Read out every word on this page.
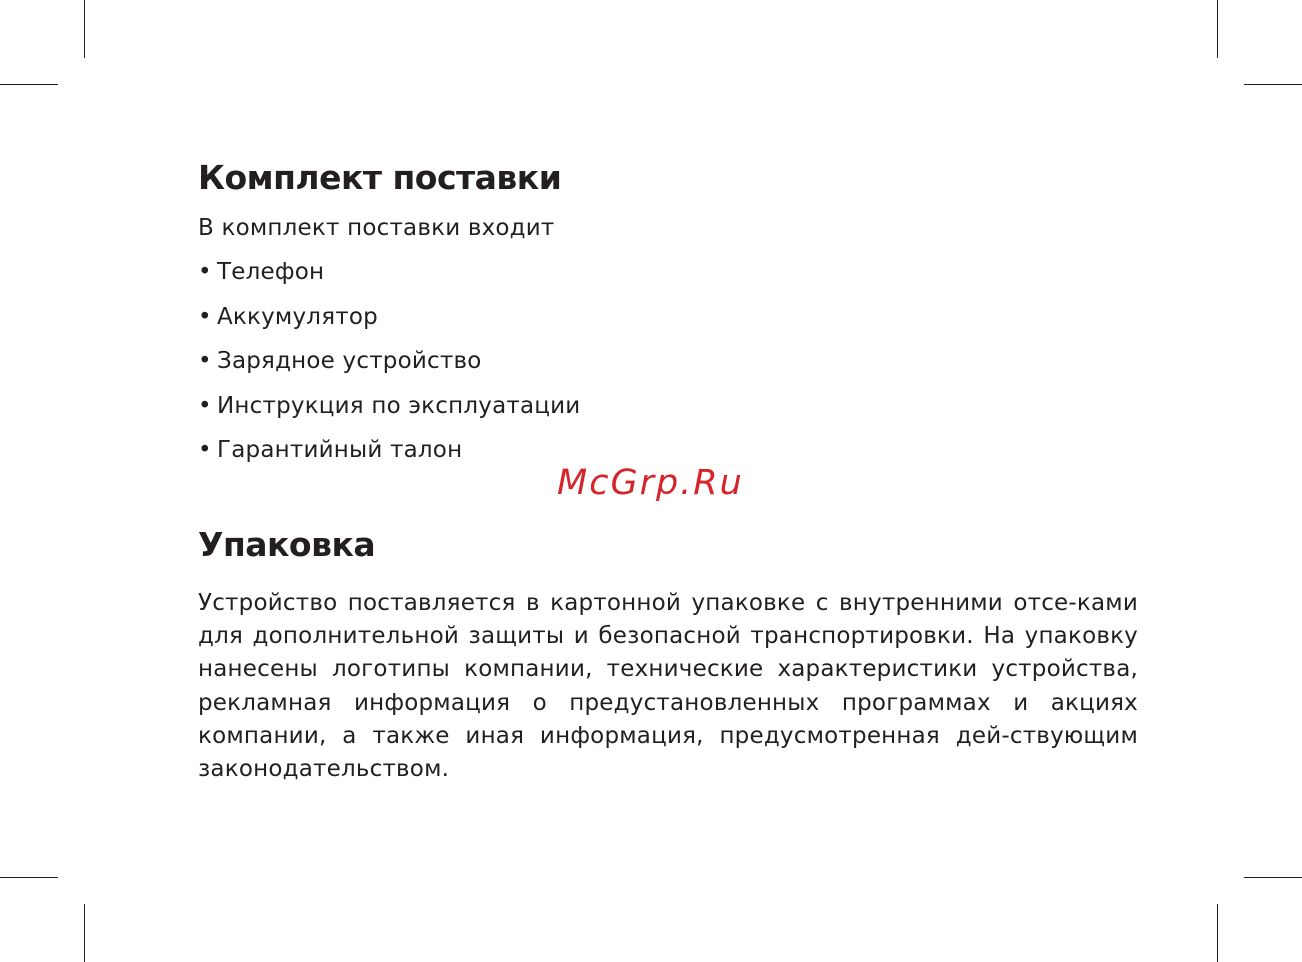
Комплект поставки

В комплект поставки входит

• Телефон
• Аккумулятор
• Зарядное устройство
• Инструкция по эксплуатации
• Гарантийный талон
McGrp.Ru
Упаковка

Устройство поставляется в картонной упаковке с внутренними отсе-ками для дополнительной защиты и безопасной транспортировки. На упаковку нанесены логотипы компании, технические характеристики устройства, рекламная информация о предустановленных программах и акциях компании, а также иная информация, предусмотренная дей-ствующим законодательством.
